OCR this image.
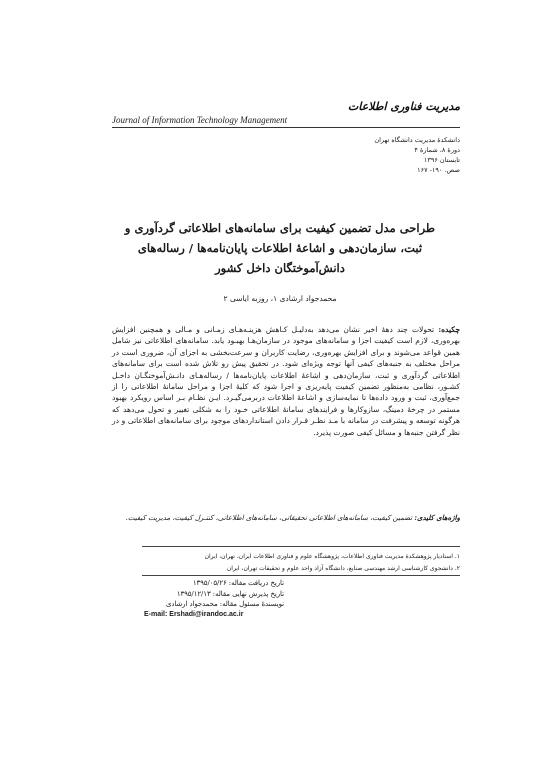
Journal of Information Technology Management
مدیریت فناوری اطلاعات
دانشکدهٔ مدیریت دانشگاه تهران
دورهٔ ۸، شمارهٔ ۴
تابستان ۱۳۹۶
صص. ۱۹۰- ۱۶۷
طراحی مدل تضمین کیفیت برای سامانه‌های اطلاعاتی گردآوری و
ثبت، سازمان‌دهی و اشاعهٔ اطلاعات پایان‌نامه‌ها / رساله‌های
دانش‌آموختگان داخل کشور
محمدجواد ارشادی ۱، روزبه ایاسی ۲
چکیده: تحولات چند دههٔ اخیر نشان می‌دهد به‌دلیـل کـاهش هزینـه‌هـای زمـانی و مـالی و همچنین افزایش بهره‌وری، لازم است کیفیت اجزا و سامانه‌های موجود در سازمان‌هـا بهبـود یابد. سامانه‌های اطلاعاتی نیز شامل همین قواعد می‌شوند و برای افزایش بهره‌وری، رضایت کاربران و سرعت‌بخشی به اجزای آن، ضروری است در مراحل مختلف به جنبه‌های کیفی آنها توجه ویژه‌ای شود. در تحقیق پیش رو تلاش شده است برای سامانه‌های اطلاعاتی گردآوری و ثبت، سازمان‌دهی و اشاعهٔ اطلاعات پایان‌نامه‌ها / رساله‌هـای دانـش‌آموختگـان داخـل کشـور، نظامی به‌منظور تضمین کیفیت پایه‌ریزی و اجرا شود که کلیهٔ اجزا و مراحل سامانهٔ اطلاعاتی را از جمع‌آوری، ثبت و ورود داده‌ها تا نمایه‌سازی و اشاعهٔ اطلاعات دربرمی‌گیـرد. ایـن نظـام بـر اساس رویکرد بهبود مستمر در چرخهٔ دمینگ، سازوکارها و فرایندهای سامانهٔ اطلاعاتی خـود را به شکلی تغییر و تحول می‌دهد که هرگونه توسعه و پیشرفت در سامانه با مـد نظـر قـرار دادن استانداردهای موجود برای سامانه‌های اطلاعاتی و در نظر گرفتن جنبه‌ها و مسائل کیفی صورت پذیرد.
واژه‌های کلیدی: تضمین کیفیت، سامانه‌های اطلاعاتی تحقیقاتی، سامانه‌های اطلاعاتی، کنتـرل کیفیت، مدیریت کیفیت.
۱. استادیار پژوهشکدهٔ مدیریت فناوری اطلاعات، پژوهشگاه علوم و فناوری اطلاعات ایران، تهران، ایران
۲. دانشجوی کارشناسی ارشد مهندسی صنایع، دانشگاه آزاد واحد علوم و تحقیقات تهران، ایران
تاریخ دریافت مقاله: ۱۳۹۵/۰۵/۲۶
تاریخ پذیرش نهایی مقاله: ۱۳۹۵/۱۲/۱۳
نویسندهٔ مسئول مقاله: محمدجواد ارشادی
E-mail: Ershadi@irandoc.ac.ir
